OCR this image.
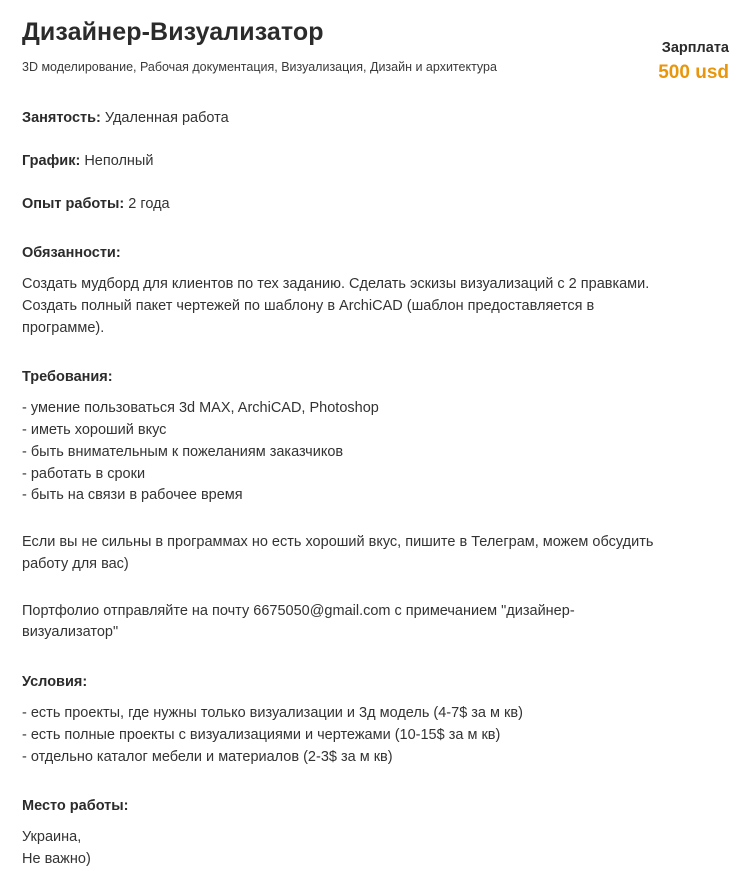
Дизайнер-Визуализатор

3D моделирование, Рабочая документация, Визуализация, Дизайн и архитектура

Зарплата
500 usd
Занятость: Удаленная работа
График: Неполный
Опыт работы: 2 года
Обязанности:
Создать мудборд для клиентов по тех заданию. Сделать эскизы визуализаций с 2 правками. Создать полный пакет чертежей по шаблону в ArchiCAD (шаблон предоставляется в программе).
Требования:
- умение пользоваться 3d MAX, ArchiCAD, Photoshop
- иметь хороший вкус
- быть внимательным к пожеланиям заказчиков
- работать в сроки
- быть на связи в рабочее время
Если вы не сильны в программах но есть хороший вкус, пишите в Телеграм, можем обсудить работу для вас)
Портфолио отправляйте на почту 6675050@gmail.com с примечанием "дизайнер-визуализатор"
Условия:
- есть проекты, где нужны только визуализации и 3д модель (4-7$ за м кв)
- есть полные проекты с визуализациями и чертежами (10-15$ за м кв)
- отдельно каталог мебели и материалов (2-3$ за м кв)
Место работы:
Украина,
Не важно)
